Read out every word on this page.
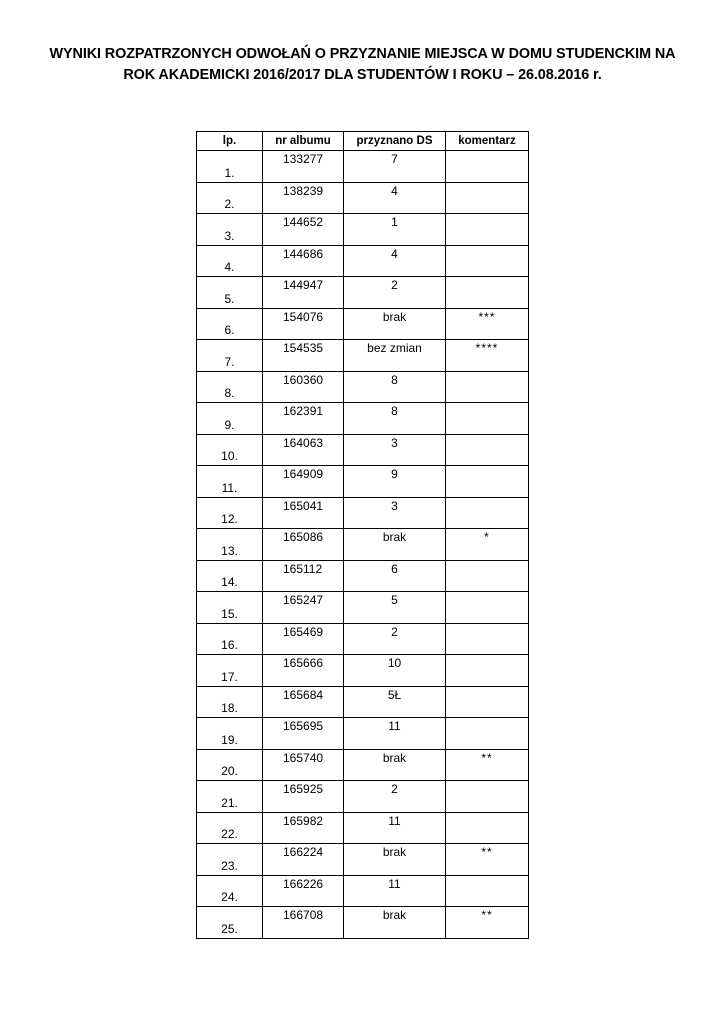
WYNIKI ROZPATRZONYCH ODWOŁAŃ O PRZYZNANIE MIEJSCA W DOMU STUDENCKIM NA
ROK AKADEMICKI 2016/2017 DLA STUDENTÓW I ROKU – 26.08.2016 r.
lp.	nr albumu	przyznano DS	komentarz

1.	133277	7	

2.	138239	4	

3.	144652	1	

4.	144686	4	

5.	144947	2	

6.	154076	brak	***

7.	154535	bez zmian	****

8.	160360	8	

9.	162391	8	

10.	164063	3	

11.	164909	9	

12.	165041	3	

13.	165086	brak	*

14.	165112	6	

15.	165247	5	

16.	165469	2	

17.	165666	10	

18.	165684	5Ł	

19.	165695	11	

20.	165740	brak	**

21.	165925	2	

22.	165982	11	

23.	166224	brak	**

24.	166226	11	

25.	166708	brak	**
